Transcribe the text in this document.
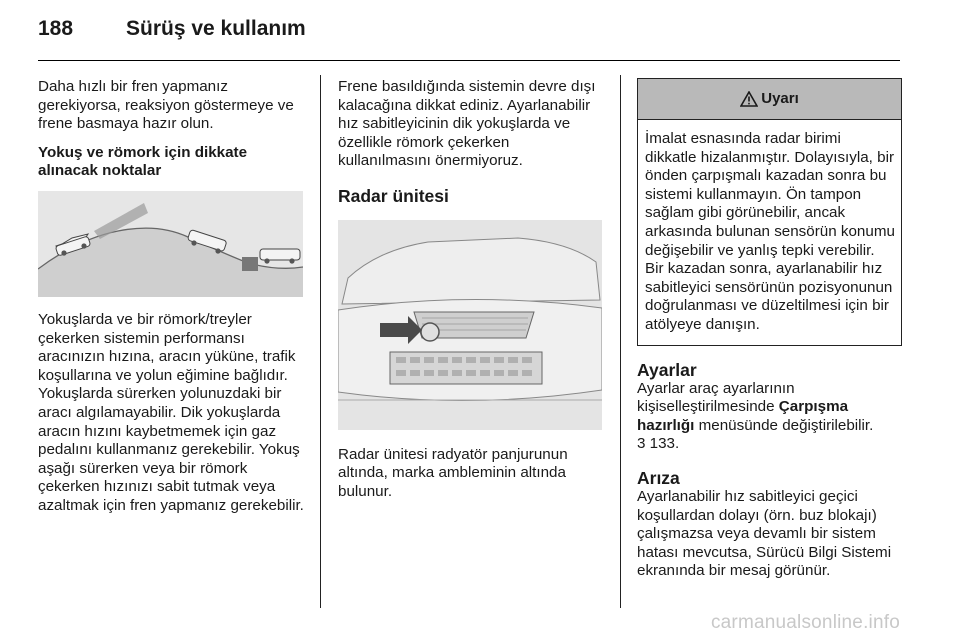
188	Sürüş ve kullanım

Daha hızlı bir fren yapmanız gerekiyorsa, reaksiyon göstermeye ve frene basmaya hazır olun.

Yokuş ve römork için dikkate alınacak noktalar

Yokuşlarda ve bir römork/treyler çekerken sistemin performansı aracınızın hızına, aracın yüküne, trafik koşullarına ve yolun eğimine bağlıdır. Yokuşlarda sürerken yolunuzdaki bir aracı algılamayabilir. Dik yokuşlarda aracın hızını kaybetmemek için gaz pedalını kullanmanız gerekebilir. Yokuş aşağı sürerken veya bir römork çekerken hızınızı sabit tutmak veya azaltmak için fren yapmanız gerekebilir.

Frene basıldığında sistemin devre dışı kalacağına dikkat ediniz. Ayarlanabilir hız sabitleyicinin dik yokuşlarda ve özellikle römork çekerken kullanılmasını önermiyoruz.

Radar ünitesi

Radar ünitesi radyatör panjurunun altında, marka ambleminin altında bulunur.

Uyarı
İmalat esnasında radar birimi dikkatle hizalanmıştır. Dolayısıyla, bir önden çarpışmalı kazadan sonra bu sistemi kullanmayın. Ön tampon sağlam gibi görünebilir, ancak arkasında bulunan sensörün konumu değişebilir ve yanlış tepki verebilir. Bir kazadan sonra, ayarlanabilir hız sabitleyici sensörünün pozisyonunun doğrulanması ve düzeltilmesi için bir atölyeye danışın.

Ayarlar

Ayarlar araç ayarlarının kişiselleştirilmesinde Çarpışma hazırlığı menüsünde değiştirilebilir.
3 133.

Arıza

Ayarlanabilir hız sabitleyici geçici koşullardan dolayı (örn. buz blokajı) çalışmazsa veya devamlı bir sistem hatası mevcutsa, Sürücü Bilgi Sistemi ekranında bir mesaj görünür.

carmanualsonline.info
